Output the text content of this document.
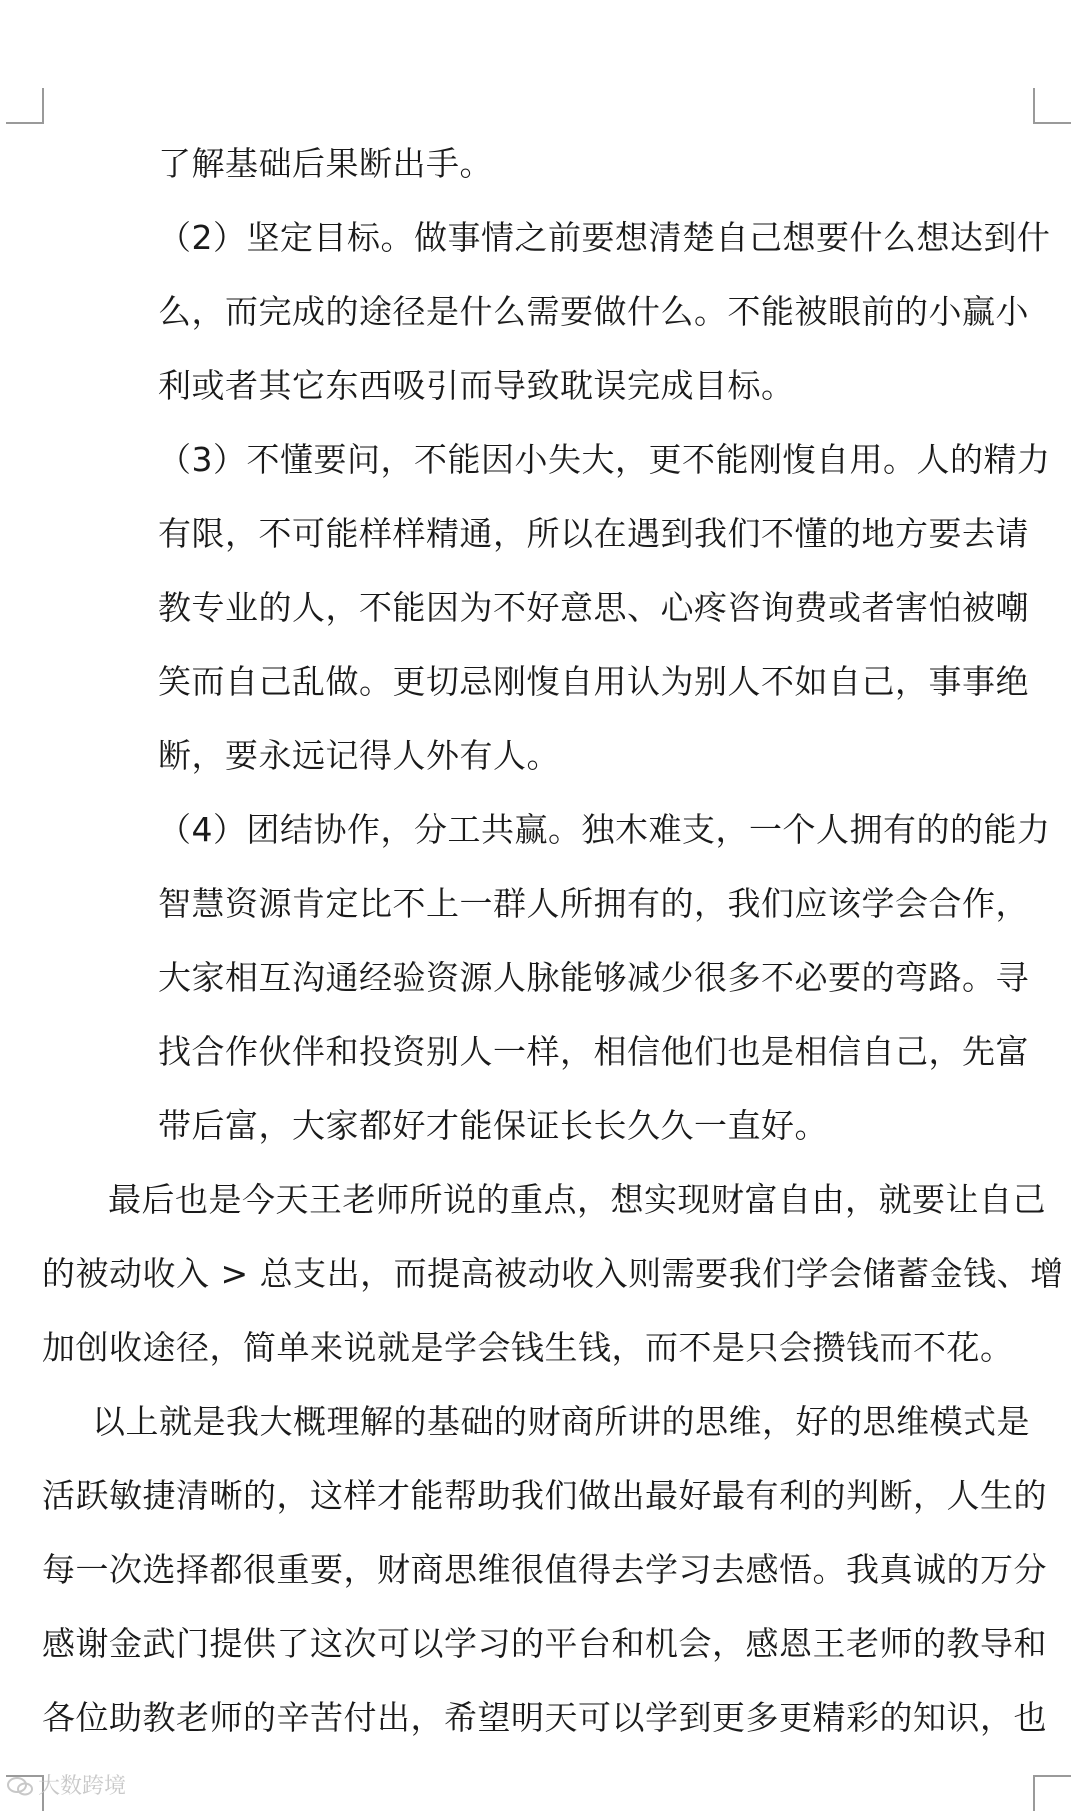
了解基础后果断出手。
（2）坚定目标。做事情之前要想清楚自己想要什么想达到什
么，而完成的途径是什么需要做什么。不能被眼前的小赢小
利或者其它东西吸引而导致耽误完成目标。
（3）不懂要问，不能因小失大，更不能刚愎自用。人的精力
有限，不可能样样精通，所以在遇到我们不懂的地方要去请
教专业的人，不能因为不好意思、心疼咨询费或者害怕被嘲
笑而自己乱做。更切忌刚愎自用认为别人不如自己，事事绝
断，要永远记得人外有人。
（4）团结协作，分工共赢。独木难支，一个人拥有的的能力
智慧资源肯定比不上一群人所拥有的，我们应该学会合作，
大家相互沟通经验资源人脉能够减少很多不必要的弯路。寻
找合作伙伴和投资别人一样，相信他们也是相信自己，先富
带后富，大家都好才能保证长长久久一直好。
最后也是今天王老师所说的重点，想实现财富自由，就要让自己
的被动收入 > 总支出，而提高被动收入则需要我们学会储蓄金钱、增
加创收途径，简单来说就是学会钱生钱，而不是只会攒钱而不花。
以上就是我大概理解的基础的财商所讲的思维，好的思维模式是
活跃敏捷清晰的，这样才能帮助我们做出最好最有利的判断，人生的
每一次选择都很重要，财商思维很值得去学习去感悟。我真诚的万分
感谢金武门提供了这次可以学习的平台和机会，感恩王老师的教导和
各位助教老师的辛苦付出，希望明天可以学到更多更精彩的知识，也
大数跨境
